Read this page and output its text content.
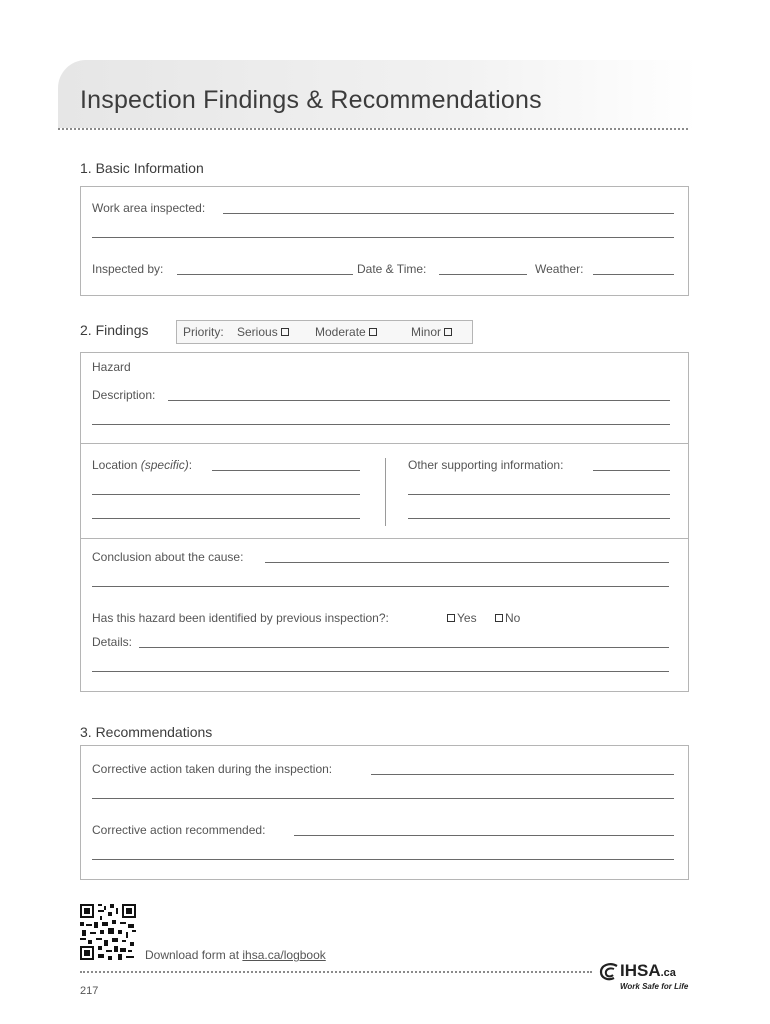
Inspection Findings & Recommendations
1. Basic Information
Work area inspected:
Inspected by:	Date & Time:	Weather:
2. Findings	Priority: Serious	Moderate	Minor
Hazard
Description:
Location (specific):	Other supporting information:
Conclusion about the cause:
Has this hazard been identified by previous inspection?:	Yes	No
Details:
3. Recommendations
Corrective action taken during the inspection:
Corrective action recommended:
Download form at ihsa.ca/logbook
217
IHSA.ca
Work Safe for Life
